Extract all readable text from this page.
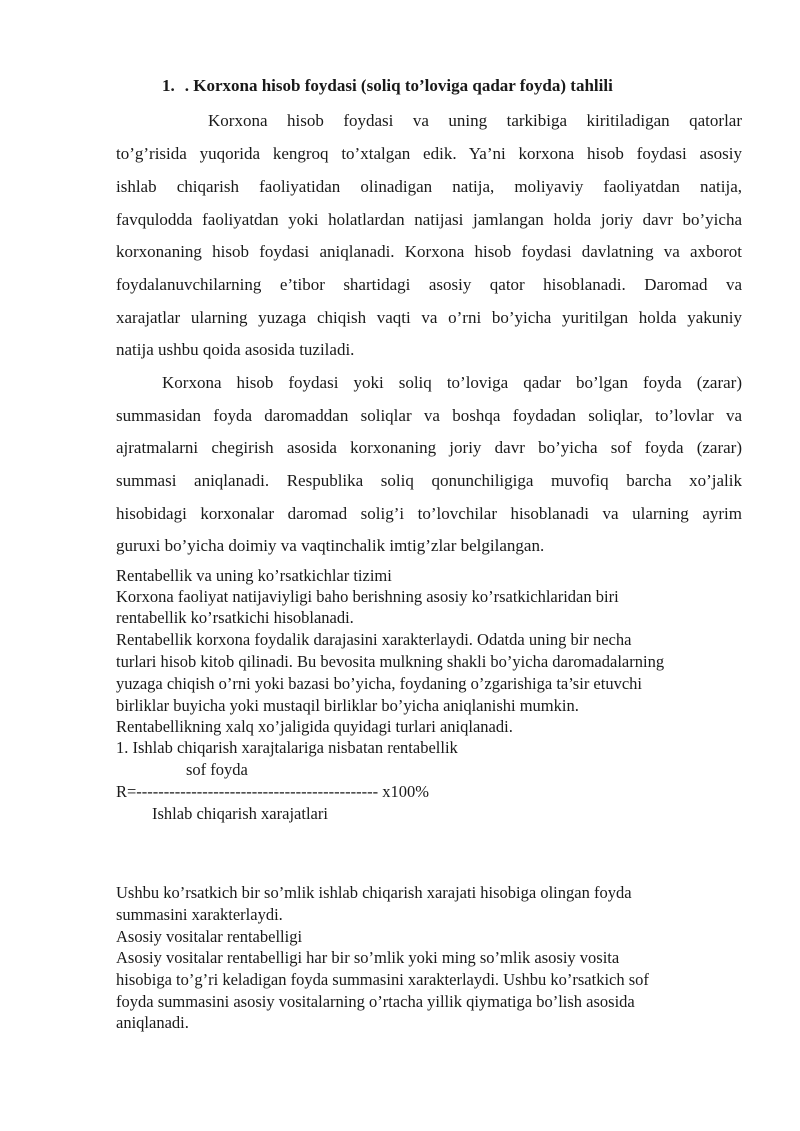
1. . Korxona hisob foydasi (soliq to’loviga qadar foyda) tahlili
Korxona hisob foydasi va uning tarkibiga kiritiladigan qatorlar
to’g’risida yuqorida kengroq to’xtalgan edik. Ya’ni korxona hisob foydasi asosiy
ishlab chiqarish faoliyatidan olinadigan natija, moliyaviy faoliyatdan natija,
favqulodda faoliyatdan yoki holatlardan natijasi jamlangan holda joriy davr bo’yicha
korxonaning hisob foydasi aniqlanadi. Korxona hisob foydasi davlatning va axborot
foydalanuvchilarning e’tibor shartidagi asosiy qator hisoblanadi. Daromad va
xarajatlar ularning yuzaga chiqish vaqti va o’rni bo’yicha yuritilgan holda yakuniy
natija ushbu qoida asosida tuziladi.
Korxona hisob foydasi yoki soliq to’loviga qadar bo’lgan foyda (zarar)
summasidan foyda daromaddan soliqlar va boshqa foydadan soliqlar, to’lovlar va
ajratmalarni chegirish asosida korxonaning joriy davr bo’yicha sof foyda (zarar)
summasi aniqlanadi. Respublika soliq qonunchiligiga muvofiq barcha xo’jalik
hisobidagi korxonalar daromad solig’i to’lovchilar hisoblanadi va ularning ayrim
guruxi bo’yicha doimiy va vaqtinchalik imtig’zlar belgilangan.
Rentabellik va uning ko’rsatkichlar tizimi
Korxona faoliyat natijaviyligi baho berishning asosiy ko’rsatkichlaridan biri
rentabellik ko’rsatkichi hisoblanadi.
Rentabellik korxona foydalik darajasini xarakterlaydi. Odatda uning bir necha
turlari hisob kitob qilinadi. Bu bevosita mulkning shakli bo’yicha daromadalarning
yuzaga chiqish o’rni yoki bazasi bo’yicha, foydaning o’zgarishiga ta’sir etuvchi
birliklar buyicha yoki mustaqil birliklar bo’yicha aniqlanishi mumkin.
Rentabellikning xalq xo’jaligida quyidagi turlari aniqlanadi.
1. Ishlab chiqarish xarajtalariga nisbatan rentabellik
sof foyda
R=-------------------------------------------- x100%
Ishlab chiqarish xarajatlari
Ushbu ko’rsatkich bir so’mlik ishlab chiqarish xarajati hisobiga olingan foyda
summasini xarakterlaydi.
Asosiy vositalar rentabelligi
Asosiy vositalar rentabelligi har bir so’mlik yoki ming so’mlik asosiy vosita
hisobiga to’g’ri keladigan foyda summasini xarakterlaydi. Ushbu ko’rsatkich sof
foyda summasini asosiy vositalarning o’rtacha yillik qiymatiga bo’lish asosida
aniqlanadi.
